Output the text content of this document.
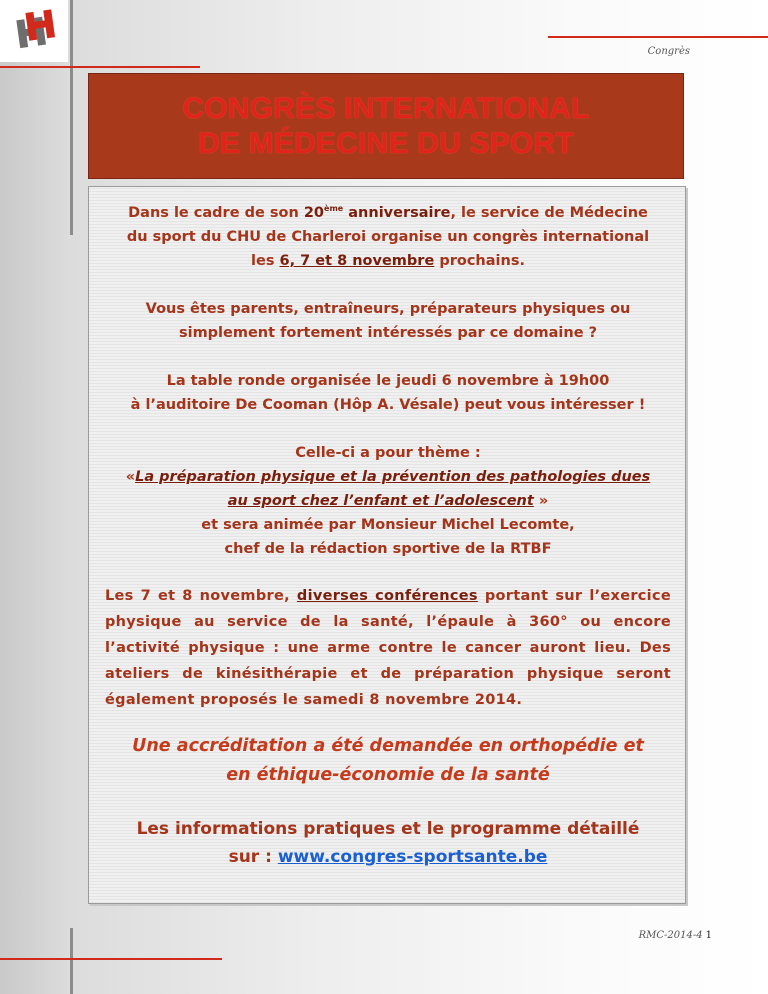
Congrès
CONGRÈS INTERNATIONAL
DE MÉDECINE DU SPORT
Dans le cadre de son 20ème anniversaire, le service de Médecine
du sport du CHU de Charleroi organise un congrès international
les 6, 7 et 8 novembre prochains.
Vous êtes parents, entraîneurs, préparateurs physiques ou
simplement fortement intéressés par ce domaine ?
La table ronde organisée le jeudi 6 novembre à 19h00
à l’auditoire De Cooman (Hôp A. Vésale) peut vous intéresser !
Celle-ci a pour thème :
«La préparation physique et la prévention des pathologies dues
au sport chez l’enfant et l’adolescent »
et sera animée par Monsieur Michel Lecomte,
chef de la rédaction sportive de la RTBF
Les 7 et 8 novembre, diverses conférences portant sur l’exercice physique au service de la santé, l’épaule à 360° ou encore l’activité physique : une arme contre le cancer auront lieu. Des ateliers de kinésithérapie et de préparation physique seront également proposés le samedi 8 novembre 2014.
Une accréditation a été demandée en orthopédie et
en éthique-économie de la santé
Les informations pratiques et le programme détaillé
sur : www.congres-sportsante.be
RMC-2014-4 1
